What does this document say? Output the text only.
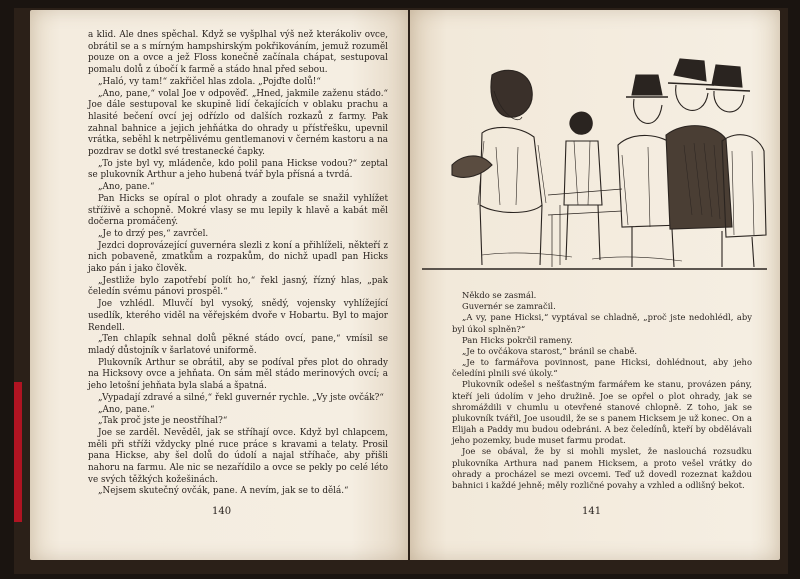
a klid. Ale dnes spěchal. Když se vyšplhal výš než kterákoliv ovce, obrátil se a s mírným hampshirským pokřikováním, jemuž rozuměl pouze on a ovce a jež Floss konečně začínala chápat, sestupoval pomalu dolů z úbočí k farmě a stádo hnal před sebou.

„Haló, vy tam!“ zakřičel hlas zdola. „Pojďte dolů!“

„Ano, pane,“ volal Joe v odpověď. „Hned, jakmile zaženu stádo.“ Joe dále sestupoval ke skupině lidí čekajících v oblaku prachu a hlasité bečení ovcí jej odřízlo od dalších rozkazů z farmy. Pak zahnal bahnice a jejich jehňátka do ohrady u přístřešku, upevnil vrátka, seběhl k netrpělivému gentlemanovi v černém kastoru a na pozdrav se dotkl své trestanecké čapky.

„To jste byl vy, mládenče, kdo polil pana Hickse vodou?“ zeptal se plukovník Arthur a jeho hubená tvář byla přísná a tvrdá.

„Ano, pane.“

Pan Hicks se opíral o plot ohrady a zoufale se snažil vyhlížet stříživě a schopně. Mokré vlasy se mu lepily k hlavě a kabát měl dočerna promáčený.

„Je to drzý pes,“ zavrčel.

Jezdci doprovázející guvernéra slezli z koní a přihlíželi, někteří z nich pobaveně, zmatkům a rozpakům, do nichž upadl pan Hicks jako pán i jako člověk.

„Jestliže bylo zapotřebí polít ho,“ řekl jasný, řízný hlas, „pak čeledín svému pánovi prospěl.“

Joe vzhlédl. Mluvčí byl vysoký, snědý, vojensky vyhlížející usedlík, kterého viděl na věřejském dvoře v Hobartu. Byl to major Rendell.

„Ten chlapík sehnal dolů pěkné stádo ovcí, pane,“ vmísil se mladý důstojník v šarlatové uniformě.

Plukovník Arthur se obrátil, aby se podíval přes plot do ohrady na Hicksovy ovce a jehňata. On sám měl stádo merinových ovcí; a jeho letošní jehňata byla slabá a špatná.

„Vypadají zdravé a silné,“ řekl guvernér rychle. „Vy jste ovčák?“

„Ano, pane.“

„Tak proč jste je neostříhal?“

Joe se zarděl. Nevěděl, jak se stříhají ovce. Když byl chlapcem, měli při stříži vždycky plné ruce práce s kravami a telaty. Prosil pana Hickse, aby šel dolů do údolí a najal stříhače, aby přišli nahoru na farmu. Ale nic se nezařídilo a ovce se pekly po celé léto ve svých těžkých kožešinách.

„Nejsem skutečný ovčák, pane. A nevím, jak se to dělá.“

140

Někdo se zasmál.

Guvernér se zamračil.

„A vy, pane Hicksi,“ vyptával se chladně, „proč jste nedohlédl, aby byl úkol splněn?“

Pan Hicks pokrčil rameny.

„Je to ovčákova starost,“ bránil se chabě.

„Je to farmářova povinnost, pane Hicksi, dohlédnout, aby jeho čeledíni plnili své úkoly.“

Plukovník odešel s nešťastným farmářem ke stanu, provázen pány, kteří jeli údolím v jeho družině. Joe se opřel o plot ohrady, jak se shromáždili v chumlu u otevřené stanové chlopně. Z toho, jak se plukovník tvářil, Joe usoudil, že se s panem Hicksem je už konec. On a Elijah a Paddy mu budou odebráni. A bez čeledínů, kteří by obdělávali jeho pozemky, bude muset farmu prodat.

Joe se obával, že by si mohli myslet, že naslouchá rozsudku plukovníka Arthura nad panem Hicksem, a proto vešel vrátky do ohrady a procházel se mezi ovcemi. Teď už dovedl rozeznat každou bahnici i každé jehně; měly rozličné povahy a vzhled a odlišný bekot.

141
